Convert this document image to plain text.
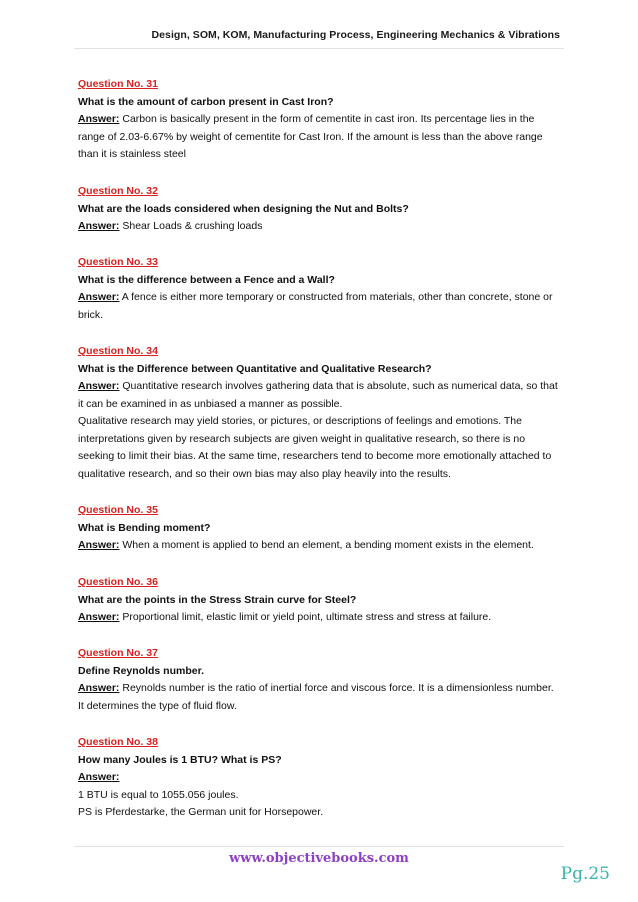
Design, SOM, KOM, Manufacturing Process, Engineering Mechanics & Vibrations
Question No. 31
What is the amount of carbon present in Cast Iron?
Answer: Carbon is basically present in the form of cementite in cast iron. Its percentage lies in the range of 2.03-6.67% by weight of cementite for Cast Iron. If the amount is less than the above range than it is stainless steel
Question No. 32
What are the loads considered when designing the Nut and Bolts?
Answer: Shear Loads & crushing loads
Question No. 33
What is the difference between a Fence and a Wall?
Answer: A fence is either more temporary or constructed from materials, other than concrete, stone or brick.
Question No. 34
What is the Difference between Quantitative and Qualitative Research?
Answer: Quantitative research involves gathering data that is absolute, such as numerical data, so that it can be examined in as unbiased a manner as possible.
Qualitative research may yield stories, or pictures, or descriptions of feelings and emotions. The interpretations given by research subjects are given weight in qualitative research, so there is no seeking to limit their bias. At the same time, researchers tend to become more emotionally attached to qualitative research, and so their own bias may also play heavily into the results.
Question No. 35
What is Bending moment?
Answer: When a moment is applied to bend an element, a bending moment exists in the element.
Question No. 36
What are the points in the Stress Strain curve for Steel?
Answer: Proportional limit, elastic limit or yield point, ultimate stress and stress at failure.
Question No. 37
Define Reynolds number.
Answer: Reynolds number is the ratio of inertial force and viscous force. It is a dimensionless number. It determines the type of fluid flow.
Question No. 38
How many Joules is 1 BTU? What is PS?
Answer:
1 BTU is equal to 1055.056 joules.
PS is Pferdestarke, the German unit for Horsepower.
www.objectivebooks.com
Pg.25
